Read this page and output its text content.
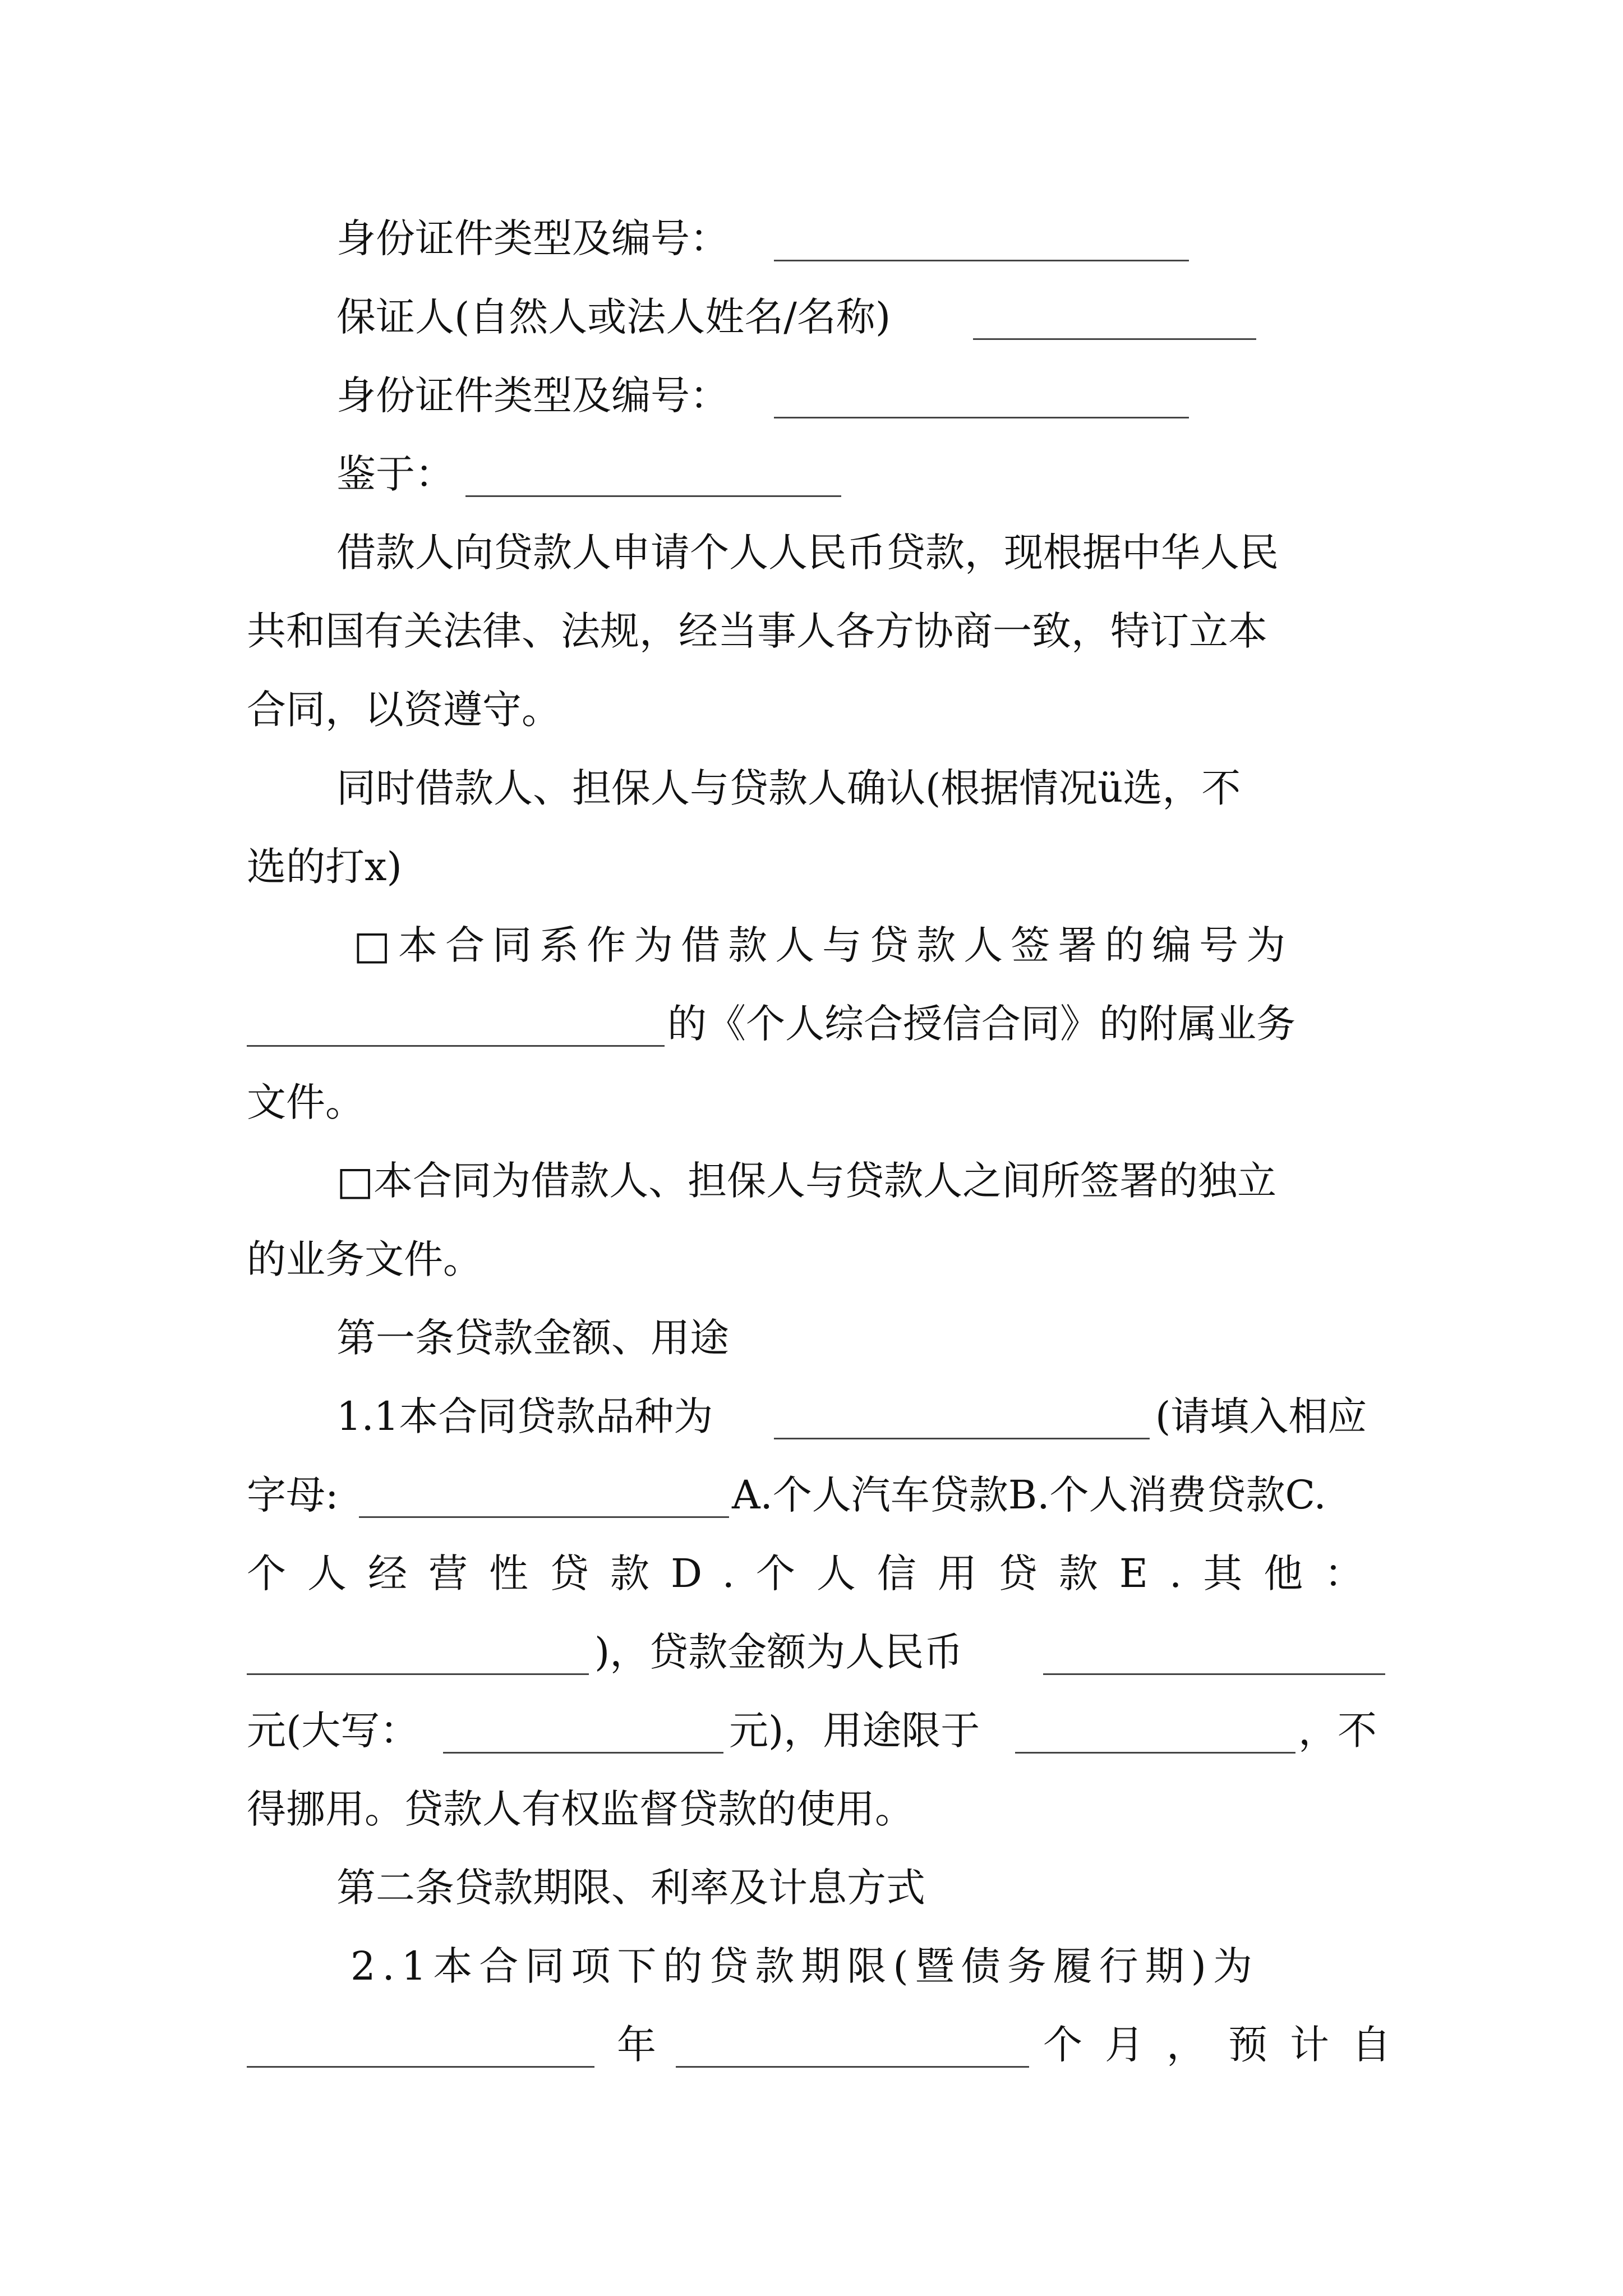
身份证件类型及编号：
保证人(自然人或法人姓名/名称)
身份证件类型及编号：
鉴于：
借款人向贷款人申请个人人民币贷款，现根据中华人民
共和国有关法律、法规，经当事人各方协商一致，特订立本
合同，以资遵守。
同时借款人、担保人与贷款人确认(根据情况ü选，不
选的打x)
□本合同系作为借款人与贷款人签署的编号为
的《个人综合授信合同》的附属业务
文件。
□本合同为借款人、担保人与贷款人之间所签署的独立
的业务文件。
第一条贷款金额、用途
1.1本合同贷款品种为	(请填入相应
字母:	A.个人汽车贷款B.个人消费贷款C.
个人经营性贷款D.个人信用贷款E.其他：
)，贷款金额为人民币
元(大写：	元)，用途限于	，不
得挪用。贷款人有权监督贷款的使用。
第二条贷款期限、利率及计息方式
2.1本合同项下的贷款期限(暨债务履行期)为
年	个月，预计自
